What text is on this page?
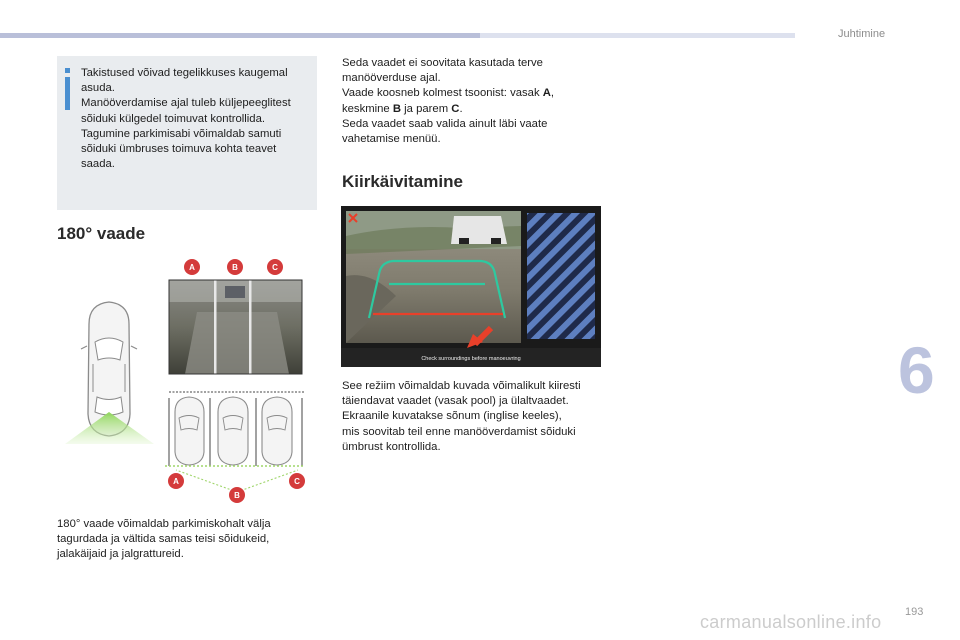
Juhtimine
6
193
carmanualsonline.info
Takistused võivad tegelikkuses kaugemal
asuda.
Manööverdamise ajal tuleb küljepeeglitest
sõiduki külgedel toimuvat kontrollida.
Tagumine parkimisabi võimaldab samuti
sõiduki ümbruses toimuva kohta teavet
saada.
180° vaade
A	B	C
A
B
C
180° vaade võimaldab parkimiskohalt välja
tagurdada ja vältida samas teisi sõidukeid,
jalakäijaid ja jalgrattureid.
Seda vaadet ei soovitata kasutada terve
manööverduse ajal.
Vaade koosneb kolmest tsoonist: vasak A,
keskmine B ja parem C.
Seda vaadet saab valida ainult läbi vaate
vahetamise menüü.
Kiirkäivitamine
Check surroundings before manoeuvring
See režiim võimaldab kuvada võimalikult kiiresti
täiendavat vaadet (vasak pool) ja ülaltvaadet.
Ekraanile kuvatakse sõnum (inglise keeles),
mis soovitab teil enne manööverdamist sõiduki
ümbrust kontrollida.
